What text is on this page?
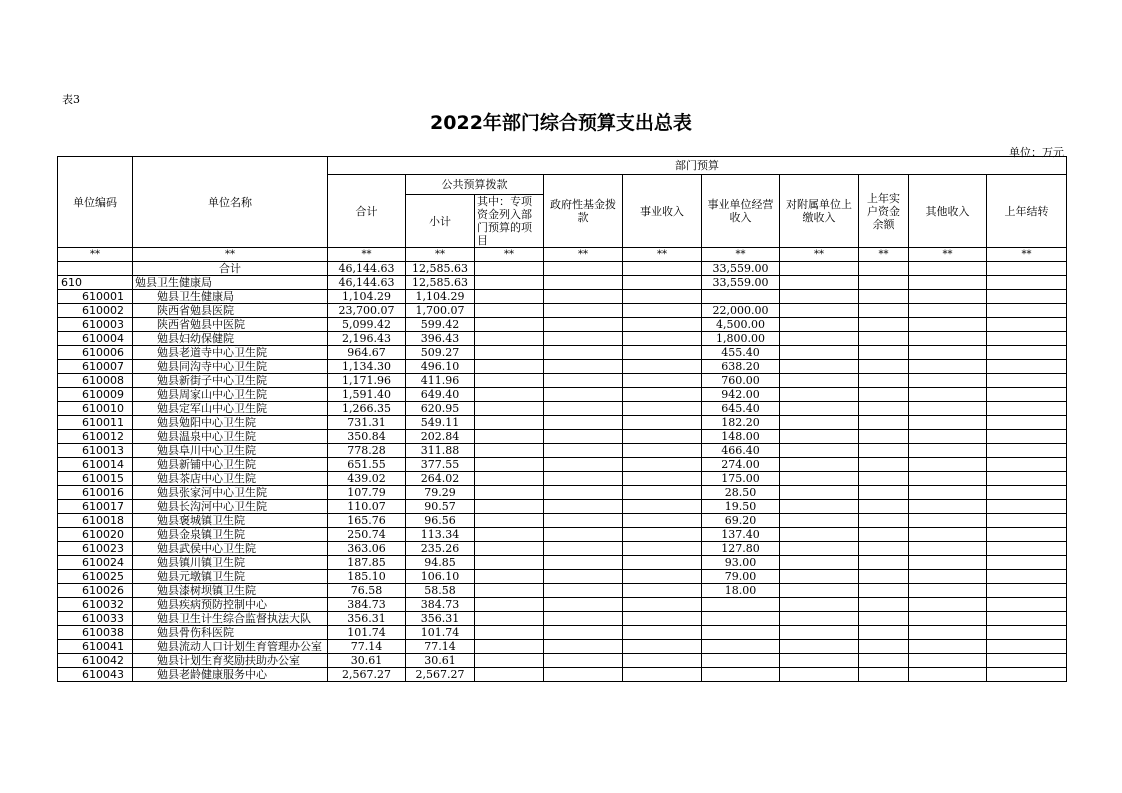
表3
2022年部门综合预算支出总表
单位：万元
单位编码	单位名称	部门预算									
		合计	公共预算拨款		政府性基金拨款	事业收入	事业单位经营收入	对附属单位上缴收入	上年实户资金余额	其他收入	上年结转
			小计	其中：专项资金列入部门预算的项目							
**	**	**	**	**	**	**	**	**	**	**	**
	合计	46,144.63	12,585.63				33,559.00				
610	勉县卫生健康局	46,144.63	12,585.63				33,559.00				
610001	勉县卫生健康局	1,104.29	1,104.29								
610002	陕西省勉县医院	23,700.07	1,700.07				22,000.00				
610003	陕西省勉县中医院	5,099.42	599.42				4,500.00				
610004	勉县妇幼保健院	2,196.43	396.43				1,800.00				
610006	勉县老道寺中心卫生院	964.67	509.27				455.40				
610007	勉县同沟寺中心卫生院	1,134.30	496.10				638.20				
610008	勉县新街子中心卫生院	1,171.96	411.96				760.00				
610009	勉县周家山中心卫生院	1,591.40	649.40				942.00				
610010	勉县定军山中心卫生院	1,266.35	620.95				645.40				
610011	勉县勉阳中心卫生院	731.31	549.11				182.20				
610012	勉县温泉中心卫生院	350.84	202.84				148.00				
610013	勉县阜川中心卫生院	778.28	311.88				466.40				
610014	勉县新铺中心卫生院	651.55	377.55				274.00				
610015	勉县茶店中心卫生院	439.02	264.02				175.00				
610016	勉县张家河中心卫生院	107.79	79.29				28.50				
610017	勉县长沟河中心卫生院	110.07	90.57				19.50				
610018	勉县褒城镇卫生院	165.76	96.56				69.20				
610020	勉县金泉镇卫生院	250.74	113.34				137.40				
610023	勉县武侯中心卫生院	363.06	235.26				127.80				
610024	勉县镇川镇卫生院	187.85	94.85				93.00				
610025	勉县元墩镇卫生院	185.10	106.10				79.00				
610026	勉县漆树坝镇卫生院	76.58	58.58				18.00				
610032	勉县疾病预防控制中心	384.73	384.73								
610033	勉县卫生计生综合监督执法大队	356.31	356.31								
610038	勉县骨伤科医院	101.74	101.74								
610041	勉县流动人口计划生育管理办公室	77.14	77.14								
610042	勉县计划生育奖励扶助办公室	30.61	30.61								
610043	勉县老龄健康服务中心	2,567.27	2,567.27								
